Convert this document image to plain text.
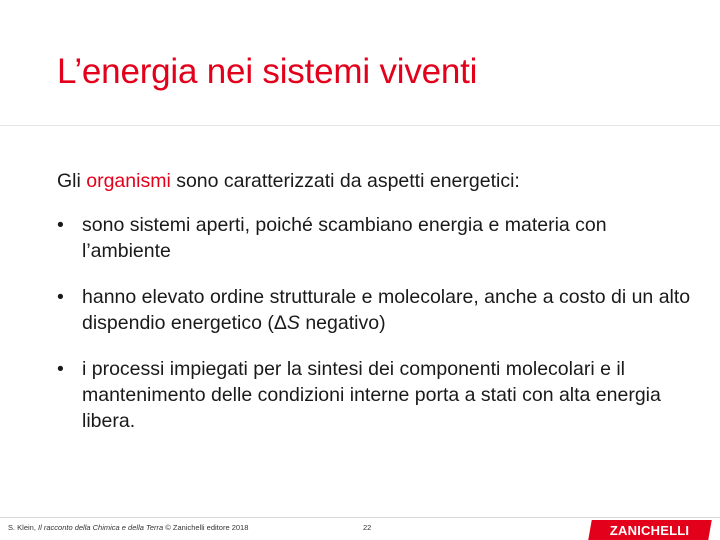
L’energia nei sistemi viventi
Gli organismi sono caratterizzati da aspetti energetici:
• sono sistemi aperti, poiché scambiano energia e materia con l’ambiente
• hanno elevato ordine strutturale e molecolare, anche a costo di un alto dispendio energetico (ΔS negativo)
• i processi impiegati per la sintesi dei componenti molecolari e il mantenimento delle condizioni interne porta a stati con alta energia libera.
S. Klein, Il racconto della Chimica e della Terra © Zanichelli editore 2018	22	ZANICHELLI
